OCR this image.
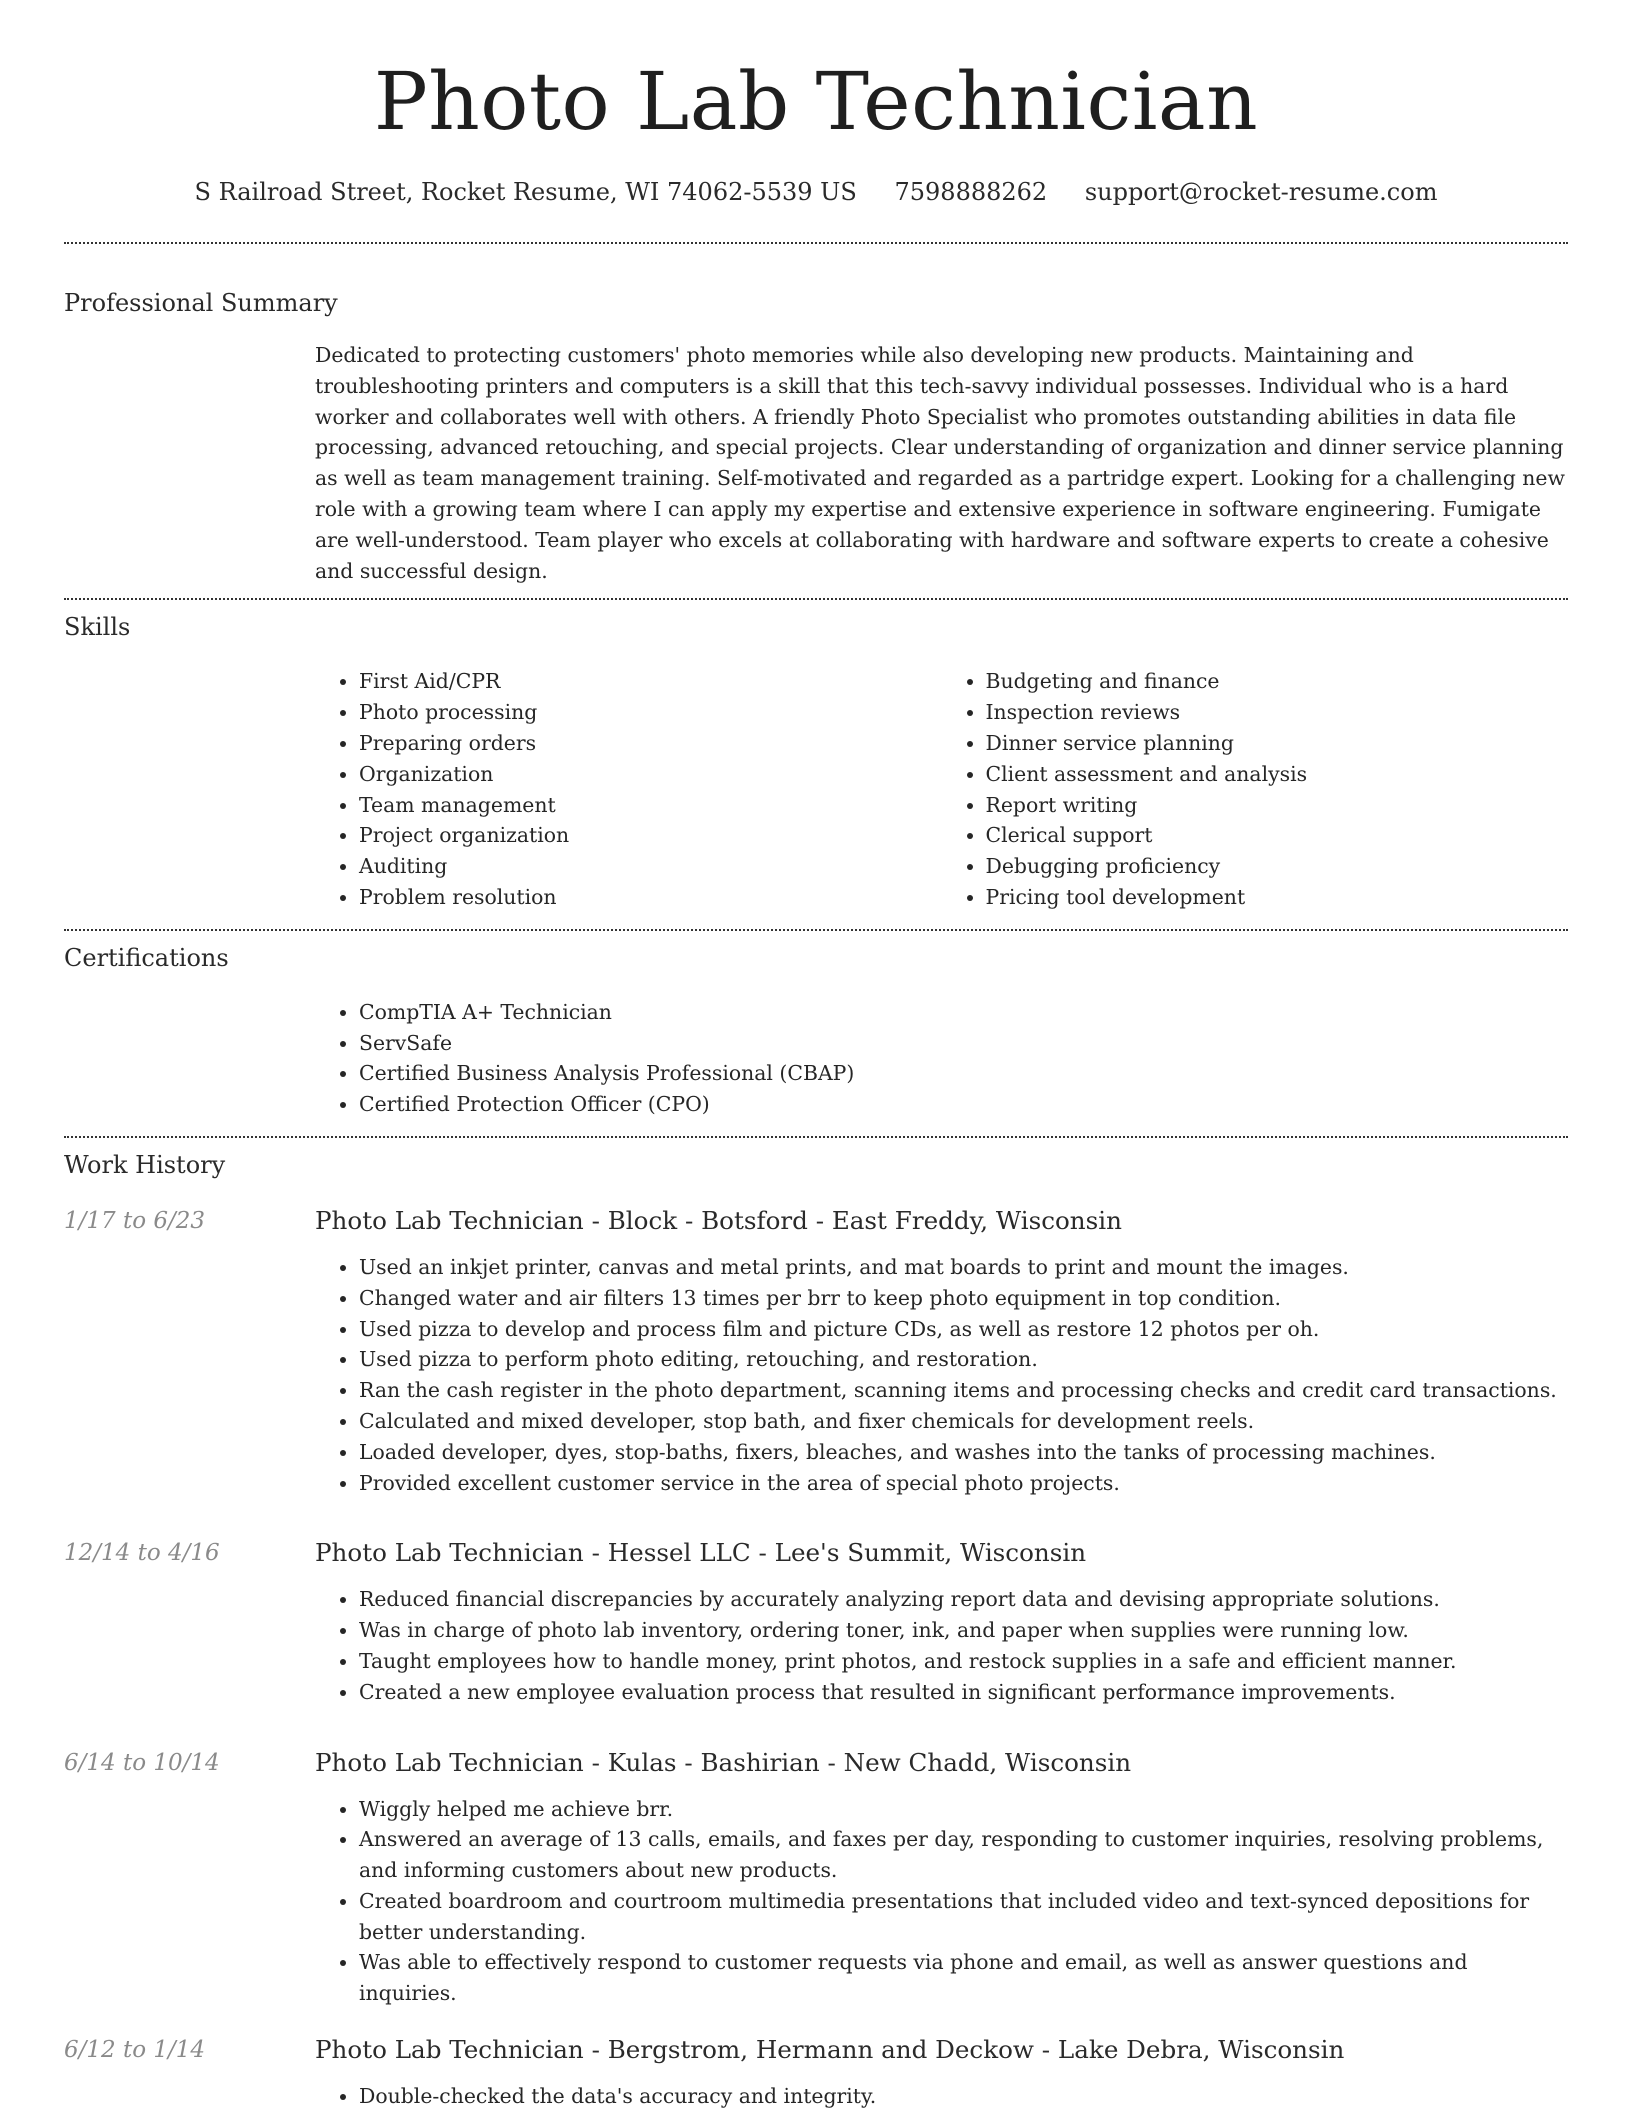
Photo Lab Technician
S Railroad Street, Rocket Resume, WI 74062-5539 US 7598888262 support@rocket-resume.com
Professional Summary
Dedicated to protecting customers' photo memories while also developing new products. Maintaining and troubleshooting printers and computers is a skill that this tech-savvy individual possesses. Individual who is a hard worker and collaborates well with others. A friendly Photo Specialist who promotes outstanding abilities in data file processing, advanced retouching, and special projects. Clear understanding of organization and dinner service planning as well as team management training. Self-motivated and regarded as a partridge expert. Looking for a challenging new role with a growing team where I can apply my expertise and extensive experience in software engineering. Fumigate are well-understood. Team player who excels at collaborating with hardware and software experts to create a cohesive and successful design.
Skills
• First Aid/CPR
• Photo processing
• Preparing orders
• Organization
• Team management
• Project organization
• Auditing
• Problem resolution
• Budgeting and finance
• Inspection reviews
• Dinner service planning
• Client assessment and analysis
• Report writing
• Clerical support
• Debugging proficiency
• Pricing tool development
Certifications
• CompTIA A+ Technician
• ServSafe
• Certified Business Analysis Professional (CBAP)
• Certified Protection Officer (CPO)
Work History
1/17 to 6/23	Photo Lab Technician - Block - Botsford - East Freddy, Wisconsin
• Used an inkjet printer, canvas and metal prints, and mat boards to print and mount the images.
• Changed water and air filters 13 times per brr to keep photo equipment in top condition.
• Used pizza to develop and process film and picture CDs, as well as restore 12 photos per oh.
• Used pizza to perform photo editing, retouching, and restoration.
• Ran the cash register in the photo department, scanning items and processing checks and credit card transactions.
• Calculated and mixed developer, stop bath, and fixer chemicals for development reels.
• Loaded developer, dyes, stop-baths, fixers, bleaches, and washes into the tanks of processing machines.
• Provided excellent customer service in the area of special photo projects.
12/14 to 4/16	Photo Lab Technician - Hessel LLC - Lee's Summit, Wisconsin
• Reduced financial discrepancies by accurately analyzing report data and devising appropriate solutions.
• Was in charge of photo lab inventory, ordering toner, ink, and paper when supplies were running low.
• Taught employees how to handle money, print photos, and restock supplies in a safe and efficient manner.
• Created a new employee evaluation process that resulted in significant performance improvements.
6/14 to 10/14	Photo Lab Technician - Kulas - Bashirian - New Chadd, Wisconsin
• Wiggly helped me achieve brr.
• Answered an average of 13 calls, emails, and faxes per day, responding to customer inquiries, resolving problems, and informing customers about new products.
• Created boardroom and courtroom multimedia presentations that included video and text-synced depositions for better understanding.
• Was able to effectively respond to customer requests via phone and email, as well as answer questions and inquiries.
6/12 to 1/14	Photo Lab Technician - Bergstrom, Hermann and Deckow - Lake Debra, Wisconsin
• Double-checked the data's accuracy and integrity.
